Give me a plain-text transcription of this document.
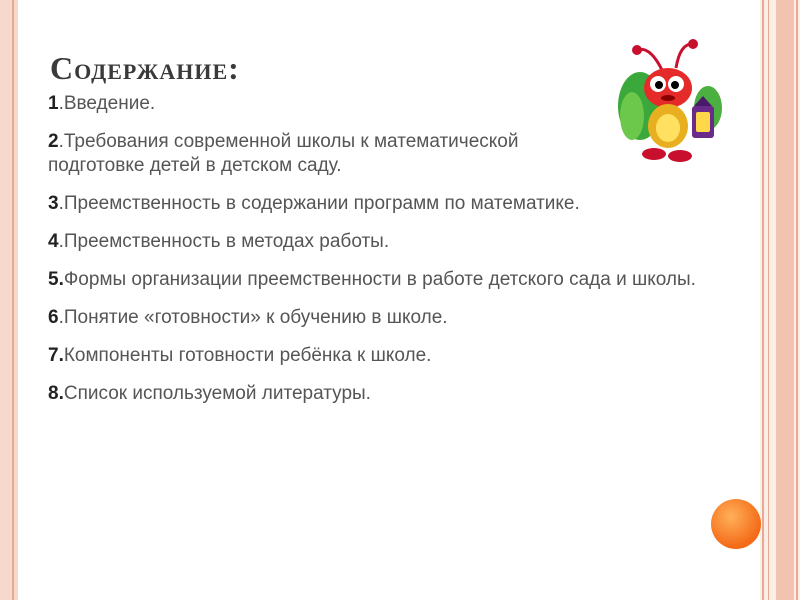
Содержание:
1.Введение.
2.Требования современной школы к математической подготовке детей в детском саду.
3.Преемственность в содержании программ по математике.
4.Преемственность в методах работы.
5.Формы организации преемственности в работе детского сада и школы.
6.Понятие «готовности» к обучению в школе.
7.Компоненты готовности ребёнка к школе.
8.Список используемой литературы.
